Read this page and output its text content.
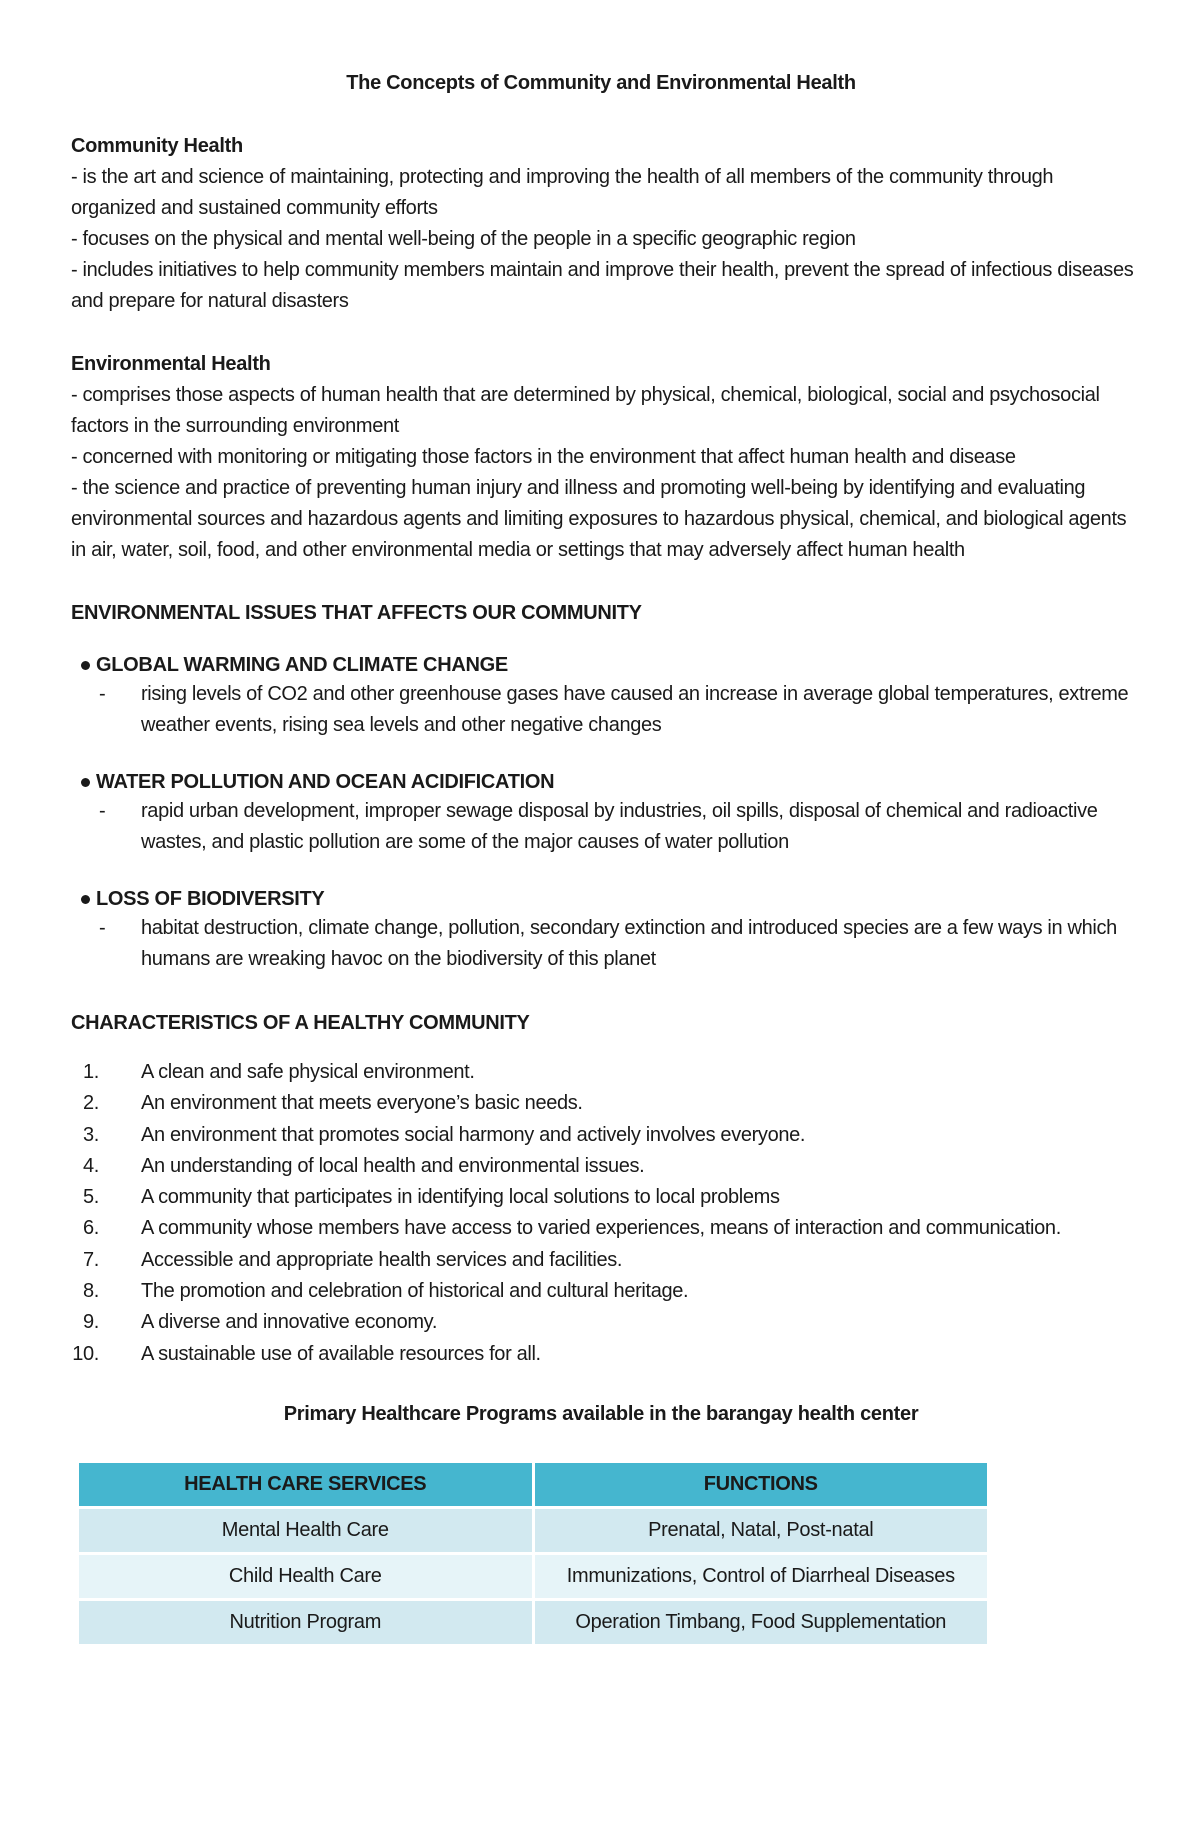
The Concepts of Community and Environmental Health
Community Health

- is the art and science of maintaining, protecting and improving the health of all members of the community through organized and sustained community efforts

- focuses on the physical and mental well-being of the people in a specific geographic region

- includes initiatives to help community members maintain and improve their health, prevent the spread of infectious diseases and prepare for natural disasters

Environmental Health

- comprises those aspects of human health that are determined by physical, chemical, biological, social and psychosocial factors in the surrounding environment

- concerned with monitoring or mitigating those factors in the environment that affect human health and disease

- the science and practice of preventing human injury and illness and promoting well-being by identifying and evaluating environmental sources and hazardous agents and limiting exposures to hazardous physical, chemical, and biological agents in air, water, soil, food, and other environmental media or settings that may adversely affect human health

ENVIRONMENTAL ISSUES THAT AFFECTS OUR COMMUNITY
GLOBAL WARMING AND CLIMATE CHANGE
- rising levels of CO2 and other greenhouse gases have caused an increase in average global temperatures, extreme weather events, rising sea levels and other negative changes
WATER POLLUTION AND OCEAN ACIDIFICATION
- rapid urban development, improper sewage disposal by industries, oil spills, disposal of chemical and radioactive wastes, and plastic pollution are some of the major causes of water pollution
LOSS OF BIODIVERSITY
- habitat destruction, climate change, pollution, secondary extinction and introduced species are a few ways in which humans are wreaking havoc on the biodiversity of this planet
CHARACTERISTICS OF A HEALTHY COMMUNITY
1. A clean and safe physical environment.
2. An environment that meets everyone’s basic needs.
3. An environment that promotes social harmony and actively involves everyone.
4. An understanding of local health and environmental issues.
5. A community that participates in identifying local solutions to local problems
6. A community whose members have access to varied experiences, means of interaction and communication.
7. Accessible and appropriate health services and facilities.
8. The promotion and celebration of historical and cultural heritage.
9. A diverse and innovative economy.
10. A sustainable use of available resources for all.
Primary Healthcare Programs available in the barangay health center
HEALTH CARE SERVICES	FUNCTIONS
Mental Health Care	Prenatal, Natal, Post-natal
Child Health Care	Immunizations, Control of Diarrheal Diseases
Nutrition Program	Operation Timbang, Food Supplementation
